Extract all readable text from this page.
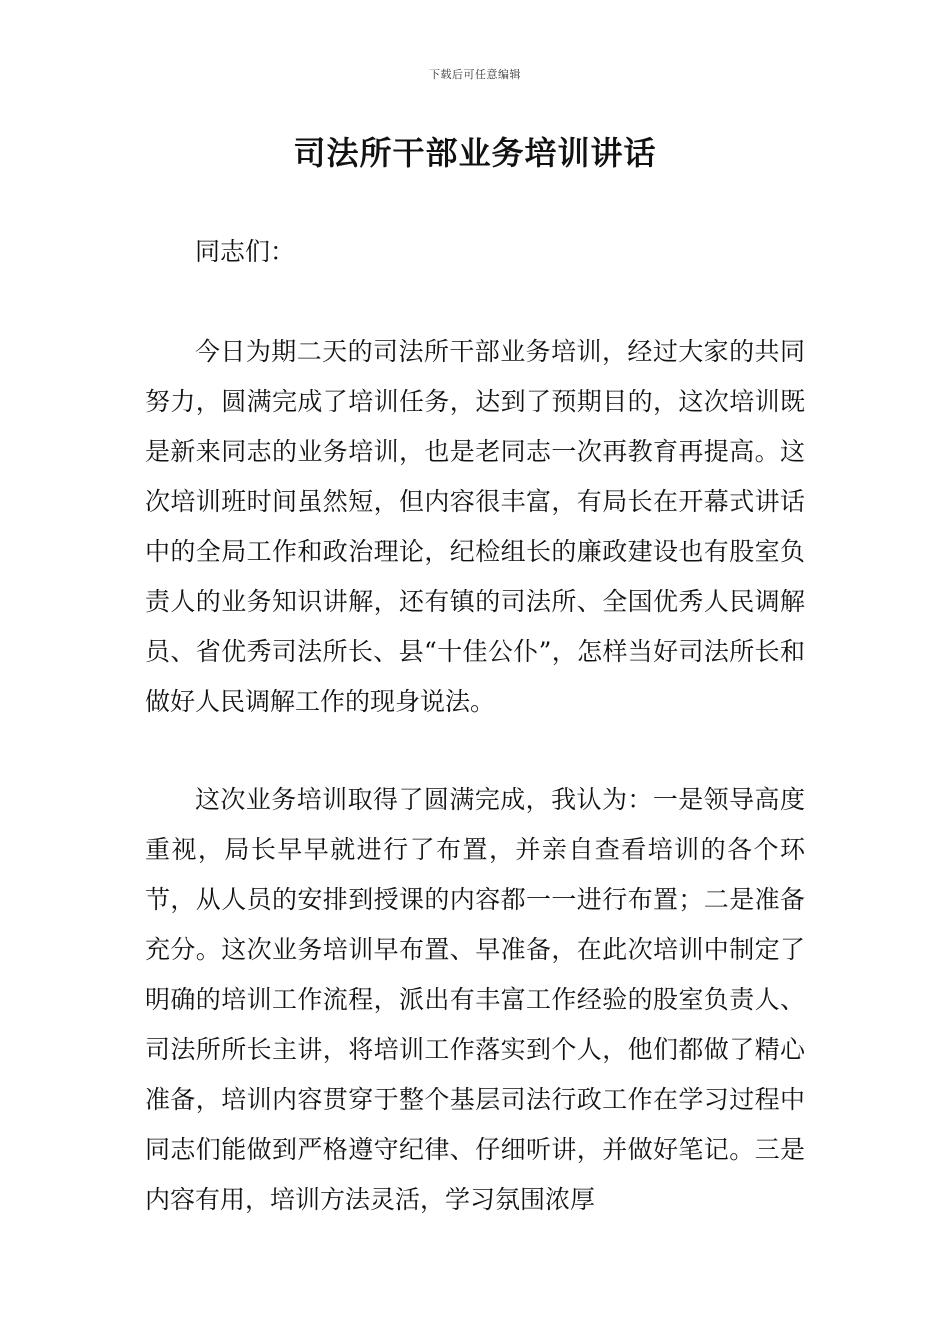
下载后可任意编辑
司法所干部业务培训讲话

同志们：

今日为期二天的司法所干部业务培训，经过大家的共同努力，圆满完成了培训任务，达到了预期目的，这次培训既是新来同志的业务培训，也是老同志一次再教育再提高。这次培训班时间虽然短，但内容很丰富，有局长在开幕式讲话中的全局工作和政治理论，纪检组长的廉政建设也有股室负责人的业务知识讲解，还有镇的司法所、全国优秀人民调解员、省优秀司法所长、县“十佳公仆”，怎样当好司法所长和做好人民调解工作的现身说法。

这次业务培训取得了圆满完成，我认为：一是领导高度重视，局长早早就进行了布置，并亲自查看培训的各个环节，从人员的安排到授课的内容都一一进行布置；二是准备充分。这次业务培训早布置、早准备，在此次培训中制定了明确的培训工作流程，派出有丰富工作经验的股室负责人、司法所所长主讲，将培训工作落实到个人，他们都做了精心准备，培训内容贯穿于整个基层司法行政工作在学习过程中同志们能做到严格遵守纪律、仔细听讲，并做好笔记。三是内容有用，培训方法灵活，学习氛围浓厚
